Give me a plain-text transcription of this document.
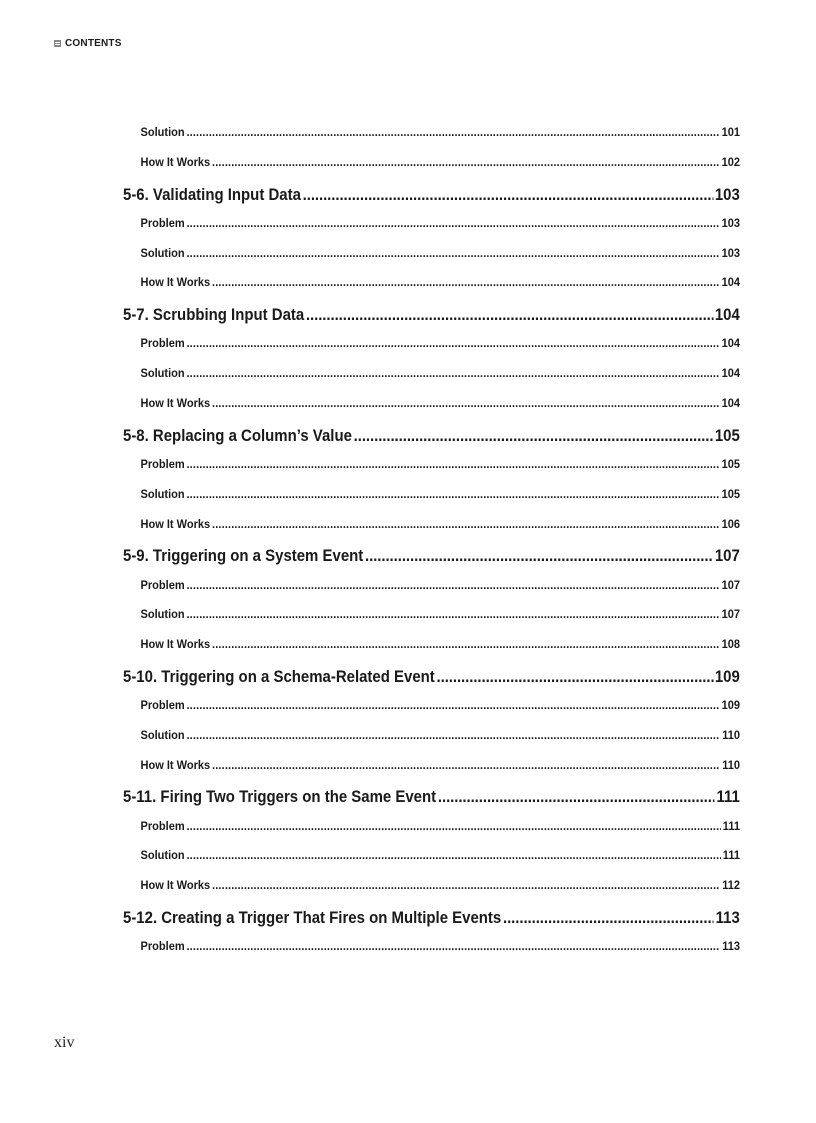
CONTENTS
Solution . . .	101
How It Works . . .	102
5-6. Validating Input Data . . .	103
Problem . . .	103
Solution . . .	103
How It Works . . .	104
5-7. Scrubbing Input Data . . .	104
Problem . . .	104
Solution . . .	104
How It Works . . .	104
5-8. Replacing a Column’s Value . . .	105
Problem . . .	105
Solution . . .	105
How It Works . . .	106
5-9. Triggering on a System Event . . .	107
Problem . . .	107
Solution . . .	107
How It Works . . .	108
5-10. Triggering on a Schema-Related Event . . .	109
Problem . . .	109
Solution . . .	110
How It Works . . .	110
5-11. Firing Two Triggers on the Same Event . . .	111
Problem . . .	111
Solution . . .	111
How It Works . . .	112
5-12. Creating a Trigger That Fires on Multiple Events . . .	113
Problem . . .	113
xiv
